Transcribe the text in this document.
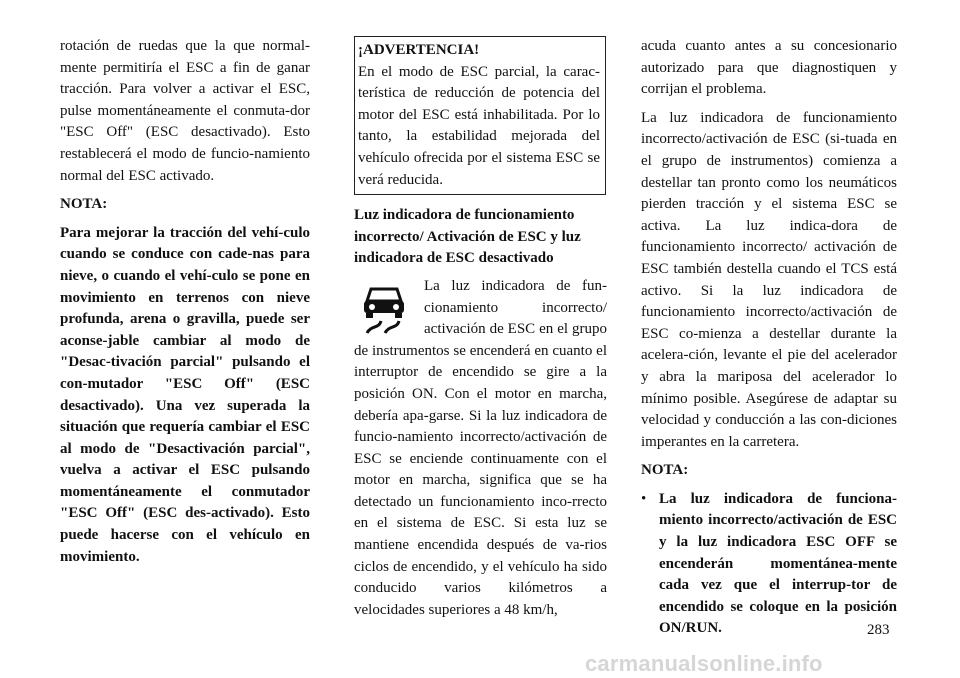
rotación de ruedas que la que normal-mente permitiría el ESC a fin de ganar tracción. Para volver a activar el ESC, pulse momentáneamente el conmuta-dor "ESC Off" (ESC desactivado). Esto restablecerá el modo de funcio-namiento normal del ESC activado.

NOTA:

Para mejorar la tracción del vehí-culo cuando se conduce con cade-nas para nieve, o cuando el vehí-culo se pone en movimiento en terrenos con nieve profunda, arena o gravilla, puede ser aconse-jable cambiar al modo de "Desac-tivación parcial" pulsando el con-mutador "ESC Off" (ESC desactivado). Una vez superada la situación que requería cambiar el ESC al modo de "Desactivación parcial", vuelva a activar el ESC pulsando momentáneamente el conmutador "ESC Off" (ESC des-activado). Esto puede hacerse con el vehículo en movimiento.

¡ADVERTENCIA!

En el modo de ESC parcial, la carac-terística de reducción de potencia del motor del ESC está inhabilitada. Por lo tanto, la estabilidad mejorada del vehículo ofrecida por el sistema ESC se verá reducida.

Luz indicadora de funcionamiento incorrecto/ Activación de ESC y luz indicadora de ESC desactivado

La luz indicadora de fun-cionamiento incorrecto/ activación de ESC en el grupo de instrumentos se encenderá en cuanto el interruptor de encendido se gire a la posición ON. Con el motor en marcha, debería apa-garse. Si la luz indicadora de funcio-namiento incorrecto/activación de ESC se enciende continuamente con el motor en marcha, significa que se ha detectado un funcionamiento inco-rrecto en el sistema de ESC. Si esta luz se mantiene encendida después de va-rios ciclos de encendido, y el vehículo ha sido conducido varios kilómetros a velocidades superiores a 48 km/h,

acuda cuanto antes a su concesionario autorizado para que diagnostiquen y corrijan el problema.

La luz indicadora de funcionamiento incorrecto/activación de ESC (si-tuada en el grupo de instrumentos) comienza a destellar tan pronto como los neumáticos pierden tracción y el sistema ESC se activa. La luz indica-dora de funcionamiento incorrecto/ activación de ESC también destella cuando el TCS está activo. Si la luz indicadora de funcionamiento incorrecto/activación de ESC co-mienza a destellar durante la acelera-ción, levante el pie del acelerador y abra la mariposa del acelerador lo mínimo posible. Asegúrese de adaptar su velocidad y conducción a las con-diciones imperantes en la carretera.

NOTA:

• La luz indicadora de funciona-miento incorrecto/activación de ESC y la luz indicadora ESC OFF se encenderán momentánea-mente cada vez que el interrup-tor de encendido se coloque en la posición ON/RUN.	283
carmanualsonline.info
